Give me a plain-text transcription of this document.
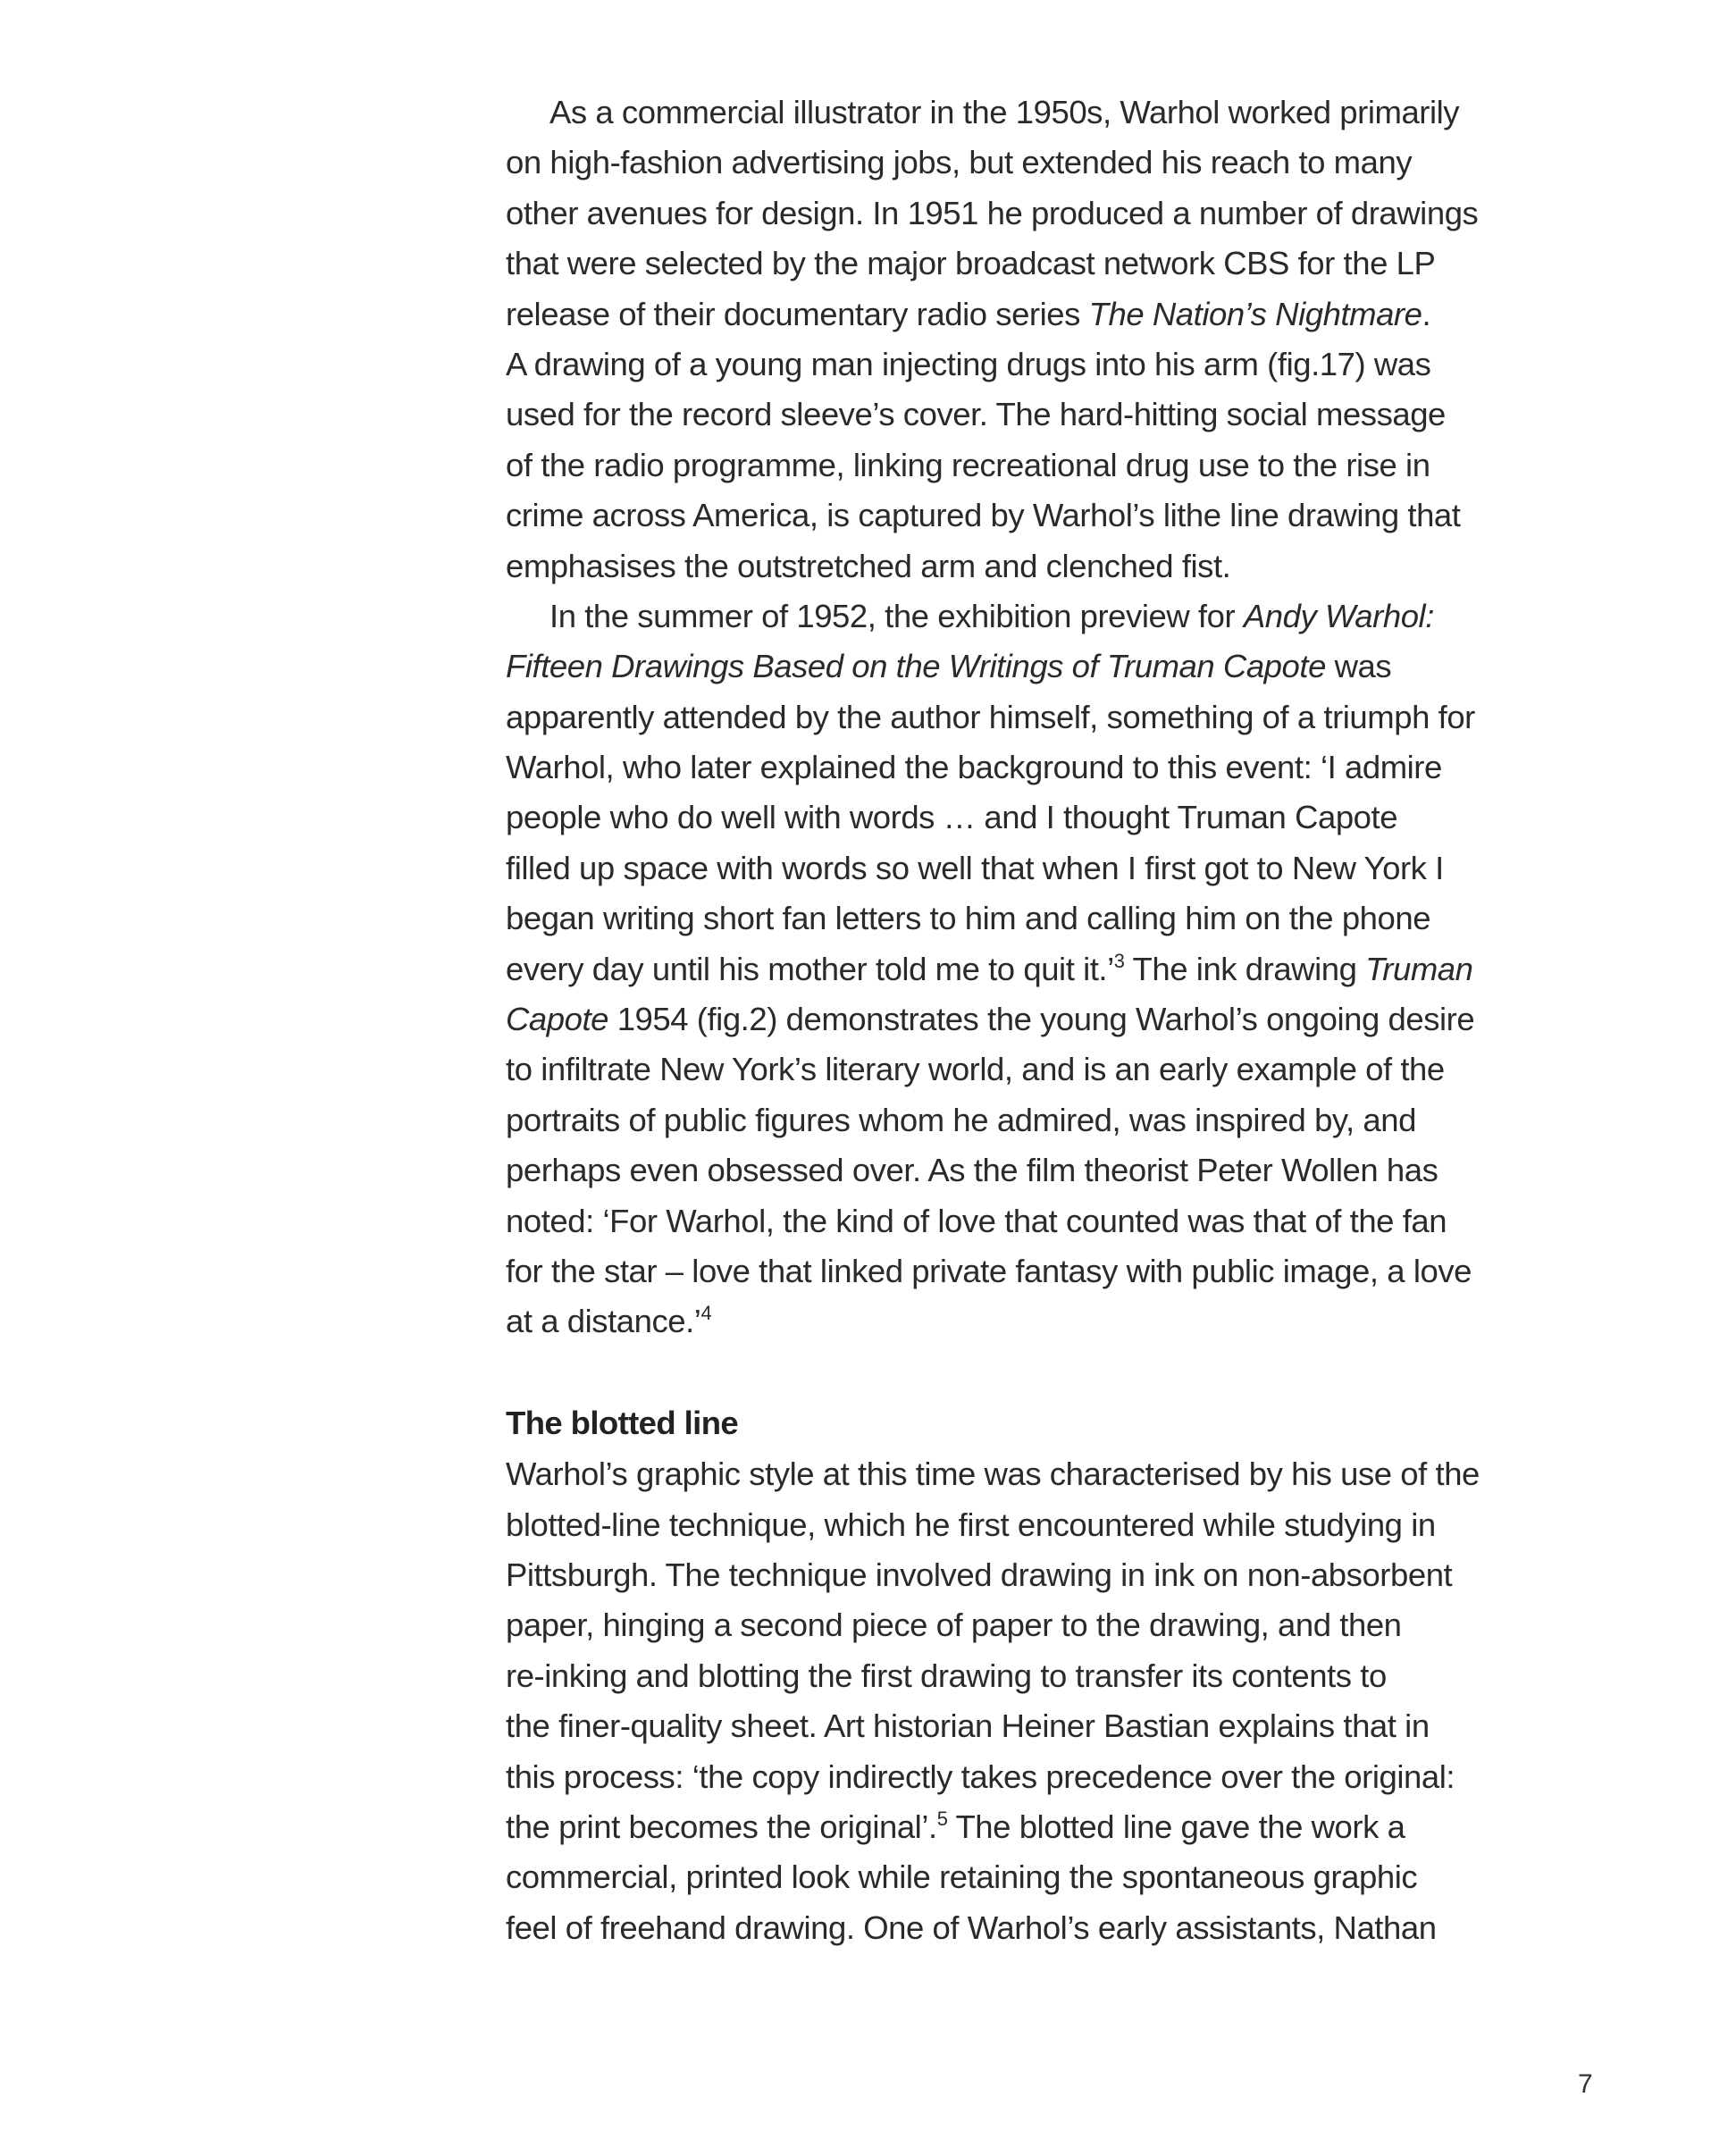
As a commercial illustrator in the 1950s, Warhol worked primarily
on high-fashion advertising jobs, but extended his reach to many
other avenues for design. In 1951 he produced a number of drawings
that were selected by the major broadcast network CBS for the LP
release of their documentary radio series The Nation’s Nightmare.
A drawing of a young man injecting drugs into his arm (fig.17) was
used for the record sleeve’s cover. The hard-hitting social message
of the radio programme, linking recreational drug use to the rise in
crime across America, is captured by Warhol’s lithe line drawing that
emphasises the outstretched arm and clenched fist.
In the summer of 1952, the exhibition preview for Andy Warhol:
Fifteen Drawings Based on the Writings of Truman Capote was
apparently attended by the author himself, something of a triumph for
Warhol, who later explained the background to this event: ‘I admire
people who do well with words … and I thought Truman Capote
filled up space with words so well that when I first got to New York I
began writing short fan letters to him and calling him on the phone
every day until his mother told me to quit it.’$^3$ The ink drawing Truman
Capote 1954 (fig.2) demonstrates the young Warhol’s ongoing desire
to infiltrate New York’s literary world, and is an early example of the
portraits of public figures whom he admired, was inspired by, and
perhaps even obsessed over. As the film theorist Peter Wollen has
noted: ‘For Warhol, the kind of love that counted was that of the fan
for the star – love that linked private fantasy with public image, a love
at a distance.’$^4$
The blotted line
Warhol’s graphic style at this time was characterised by his use of the
blotted-line technique, which he first encountered while studying in
Pittsburgh. The technique involved drawing in ink on non-absorbent
paper, hinging a second piece of paper to the drawing, and then
re-inking and blotting the first drawing to transfer its contents to
the finer-quality sheet. Art historian Heiner Bastian explains that in
this process: ‘the copy indirectly takes precedence over the original:
the print becomes the original’.$^5$ The blotted line gave the work a
commercial, printed look while retaining the spontaneous graphic
feel of freehand drawing. One of Warhol’s early assistants, Nathan
7
